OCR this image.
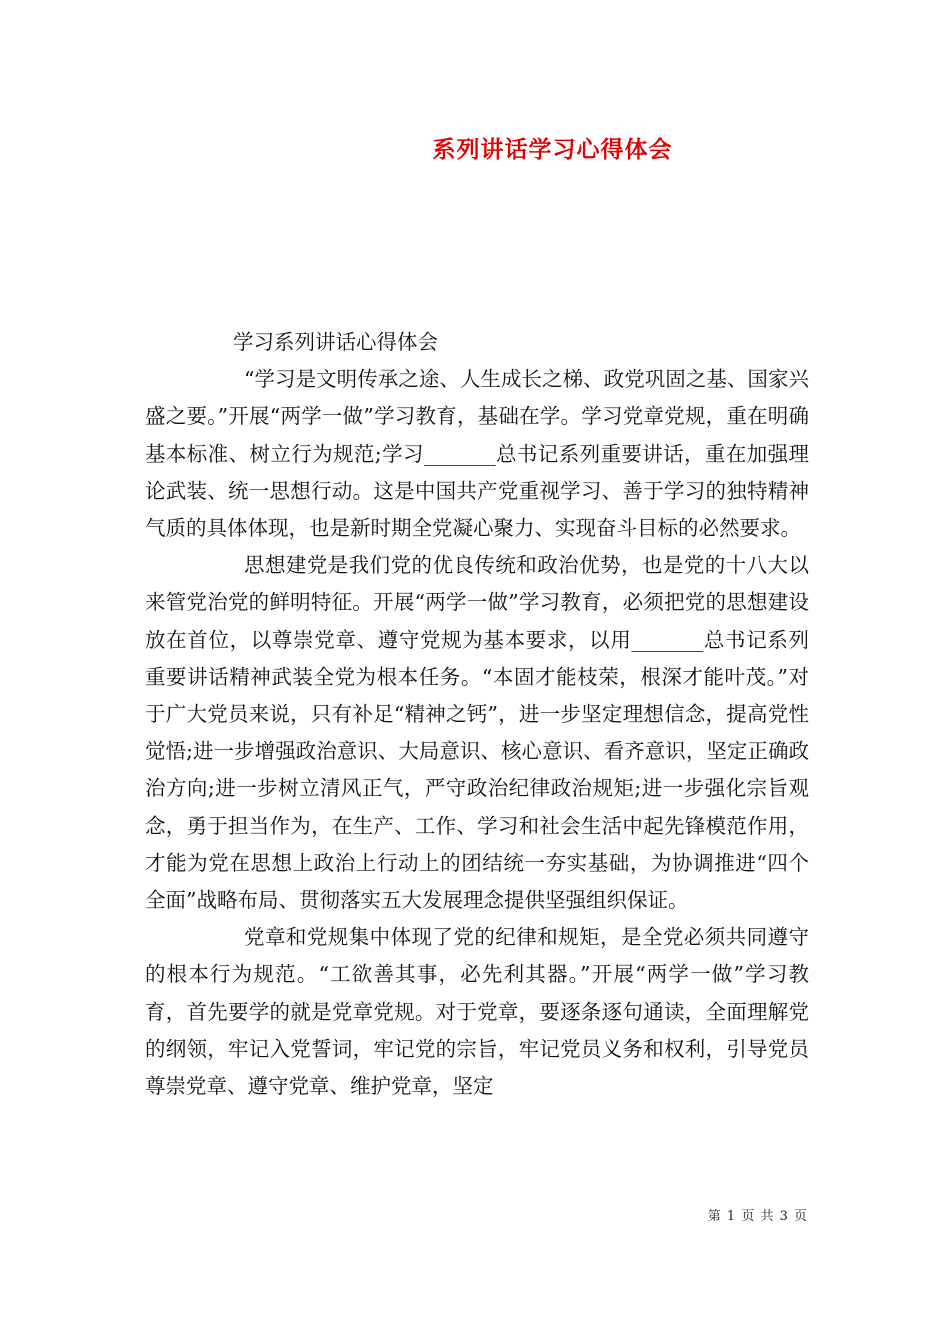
系列讲话学习心得体会

学习系列讲话心得体会

“学习是文明传承之途、人生成长之梯、政党巩固之基、国家兴盛之要。”开展“两学一做”学习教育，基础在学。学习党章党规，重在明确基本标准、树立行为规范;学习_______总书记系列重要讲话，重在加强理论武装、统一思想行动。这是中国共产党重视学习、善于学习的独特精神气质的具体体现，也是新时期全党凝心聚力、实现奋斗目标的必然要求。

思想建党是我们党的优良传统和政治优势，也是党的十八大以来管党治党的鲜明特征。开展“两学一做”学习教育，必须把党的思想建设放在首位，以尊崇党章、遵守党规为基本要求，以用_______总书记系列重要讲话精神武装全党为根本任务。“本固才能枝荣，根深才能叶茂。”对于广大党员来说，只有补足“精神之钙”，进一步坚定理想信念，提高党性觉悟;进一步增强政治意识、大局意识、核心意识、看齐意识，坚定正确政治方向;进一步树立清风正气，严守政治纪律政治规矩;进一步强化宗旨观念，勇于担当作为，在生产、工作、学习和社会生活中起先锋模范作用，才能为党在思想上政治上行动上的团结统一夯实基础，为协调推进“四个全面”战略布局、贯彻落实五大发展理念提供坚强组织保证。

党章和党规集中体现了党的纪律和规矩，是全党必须共同遵守的根本行为规范。“工欲善其事，必先利其器。”开展“两学一做”学习教育，首先要学的就是党章党规。对于党章，要逐条逐句通读，全面理解党的纲领，牢记入党誓词，牢记党的宗旨，牢记党员义务和权利，引导党员尊崇党章、遵守党章、维护党章，坚定

第 1 页 共 3 页
